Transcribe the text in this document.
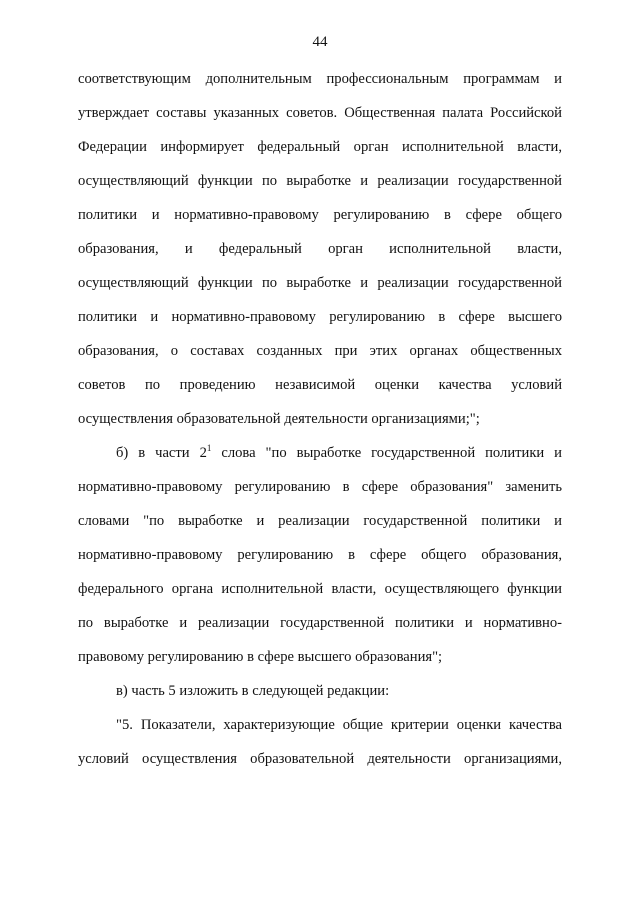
44
соответствующим дополнительным профессиональным программам и
утверждает составы указанных советов. Общественная палата Российской
Федерации информирует федеральный орган исполнительной власти,
осуществляющий функции по выработке и реализации государственной
политики и нормативно-правовому регулированию в сфере общего
образования, и федеральный орган исполнительной власти,
осуществляющий функции по выработке и реализации государственной
политики и нормативно-правовому регулированию в сфере высшего
образования, о составах созданных при этих органах общественных
советов по проведению независимой оценки качества условий
осуществления образовательной деятельности организациями;";
б) в части $2^1$ слова "по выработке государственной политики и
нормативно-правовому регулированию в сфере образования" заменить
словами "по выработке и реализации государственной политики и
нормативно-правовому регулированию в сфере общего образования,
федерального органа исполнительной власти, осуществляющего функции
по выработке и реализации государственной политики и нормативно-
правовому регулированию в сфере высшего образования";
в) часть 5 изложить в следующей редакции:
"5. Показатели, характеризующие общие критерии оценки качества
условий осуществления образовательной деятельности организациями,
